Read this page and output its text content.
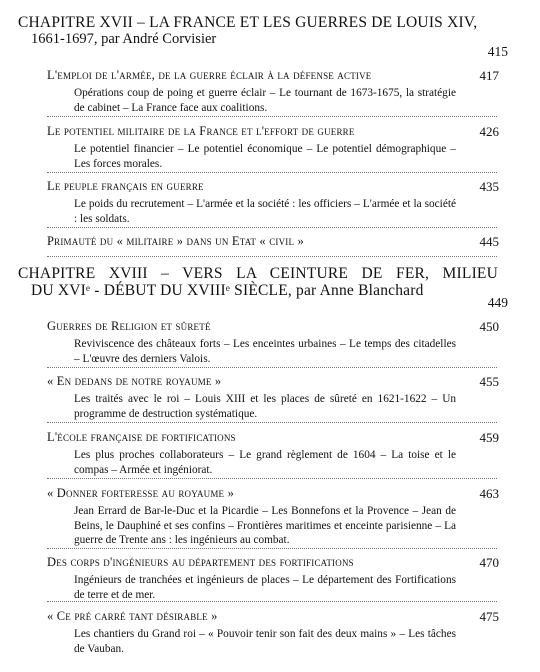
CHAPITRE XVII – LA FRANCE ET LES GUERRES DE LOUIS XIV,

1661-1697, par André Corvisier

415

L'emploi de l'armée, de la guerre éclair à la défense active	417

Opérations coup de poing et guerre éclair – Le tournant de 1673-1675, la stratégie de cabinet – La France face aux coalitions.

Le potentiel militaire de la France et l'effort de guerre	426

Le potentiel financier – Le potentiel économique – Le potentiel démographique – Les forces morales.

Le peuple français en guerre	435

Le poids du recrutement – L'armée et la société : les officiers – L'armée et la société : les soldats.

Primauté du « militaire » dans un Etat « civil »	445

CHAPITRE XVIII – VERS LA CEINTURE DE FER, MILIEU

DU XVIᵉ - DÉBUT DU XVIIIᵉ SIÈCLE, par Anne Blanchard

449

Guerres de Religion et sûreté	450

Reviviscence des châteaux forts – Les enceintes urbaines – Le temps des citadelles – L'œuvre des derniers Valois.

« En dedans de notre royaume »	455

Les traités avec le roi – Louis XIII et les places de sûreté en 1621-1622 – Un programme de destruction systématique.

L'école française de fortifications	459

Les plus proches collaborateurs – Le grand règlement de 1604 – La toise et le compas – Armée et ingéniorat.

« Donner forteresse au royaume »	463

Jean Errard de Bar-le-Duc et la Picardie – Les Bonnefons et la Provence – Jean de Beins, le Dauphiné et ses confins – Frontières maritimes et enceinte parisienne – La guerre de Trente ans : les ingénieurs au combat.

Des corps d'ingénieurs au département des fortifications	470

Ingénieurs de tranchées et ingénieurs de places – Le département des Fortifications de terre et de mer.

« Ce pré carré tant désirable »	475

Les chantiers du Grand roi – « Pouvoir tenir son fait des deux mains » – Les tâches de Vauban.
